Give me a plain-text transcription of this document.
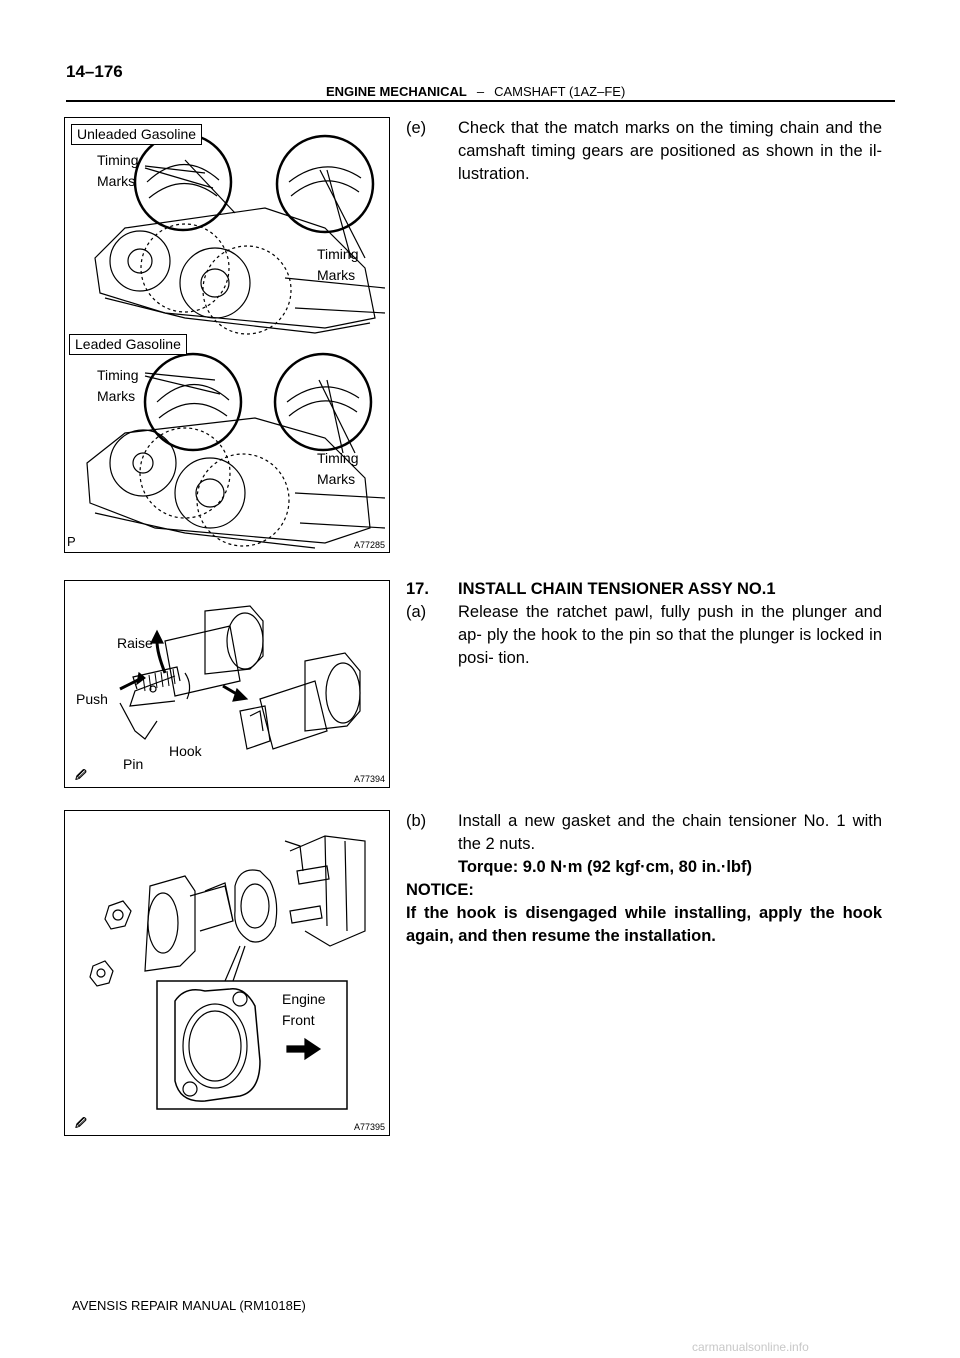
14–176
ENGINE MECHANICAL – CAMSHAFT (1AZ–FE)
Unleaded Gasoline
Timing
Marks
Timing
Marks
Leaded Gasoline
Timing
Marks
Timing
Marks
P	A77285
Raise
Push
Hook
Pin
🖉	A77394
Engine
Front
🖉	A77395
(e) Check that the match marks on the timing chain and the camshaft timing gears are positioned as shown in the il- lustration.
17. INSTALL CHAIN TENSIONER ASSY NO.1
(a) Release the ratchet pawl, fully push in the plunger and ap- ply the hook to the pin so that the plunger is locked in posi- tion.
(b) Install a new gasket and the chain tensioner No. 1 with the 2 nuts.
Torque: 9.0 N·m (92 kgf·cm, 80 in.·lbf)
NOTICE:
If the hook is disengaged while installing, apply the hook again, and then resume the installation.
AVENSIS REPAIR MANUAL (RM1018E)
carmanualsonline.info
